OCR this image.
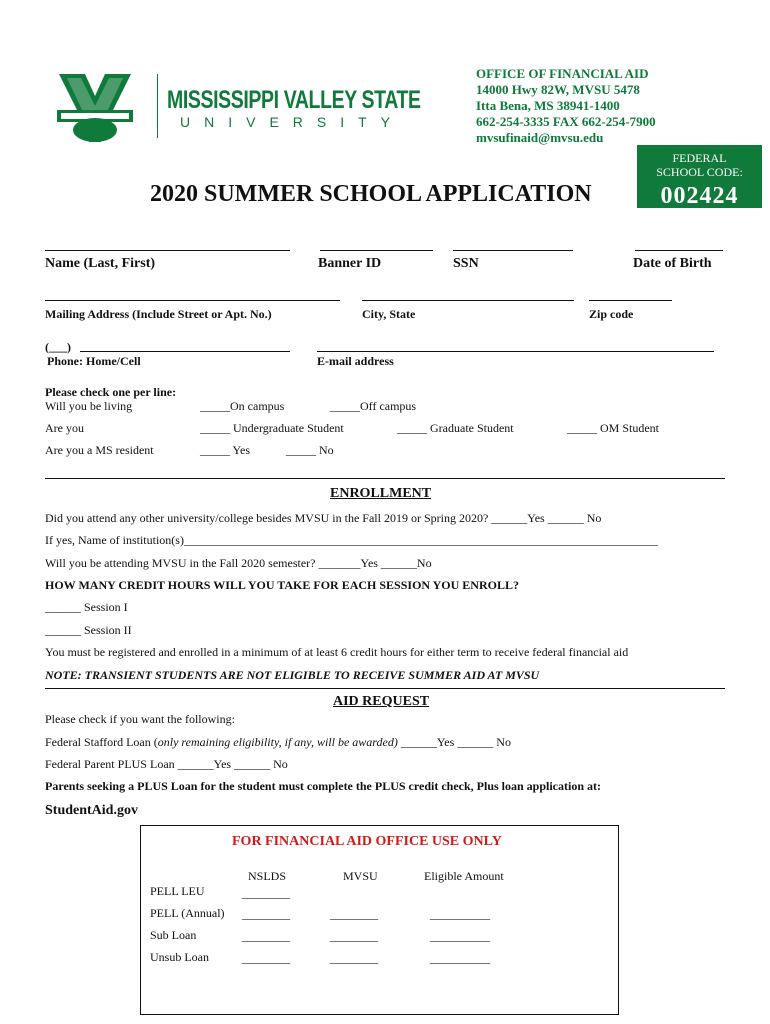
MISSISSIPPI VALLEY STATE
UNIVERSITY
OFFICE OF FINANCIAL AID
14000 Hwy 82W, MVSU 5478
Itta Bena, MS 38941-1400
662-254-3335 FAX 662-254-7900
mvsufinaid@mvsu.edu
FEDERAL
SCHOOL CODE:
002424
2020 SUMMER SCHOOL APPLICATION
Name (Last, First)	Banner ID	SSN	Date of Birth
Mailing Address (Include Street or Apt. No.)	City, State	Zip code
(___)
Phone: Home/Cell	E-mail address
Please check one per line:
Will you be living	_____On campus	_____Off campus
Are you	_____ Undergraduate Student	_____ Graduate Student	_____ OM Student
Are you a MS resident	_____ Yes	_____ No
ENROLLMENT
Did you attend any other university/college besides MVSU in the Fall 2019 or Spring 2020? ______Yes ______ No
If yes, Name of institution(s)_______________________________________________________________________________
Will you be attending MVSU in the Fall 2020 semester? _______Yes ______No
HOW MANY CREDIT HOURS WILL YOU TAKE FOR EACH SESSION YOU ENROLL?
______ Session I
______ Session II
You must be registered and enrolled in a minimum of at least 6 credit hours for either term to receive federal financial aid
NOTE: TRANSIENT STUDENTS ARE NOT ELIGIBLE TO RECEIVE SUMMER AID AT MVSU
AID REQUEST
Please check if you want the following:
Federal Stafford Loan (only remaining eligibility, if any, will be awarded) ______Yes ______ No
Federal Parent PLUS Loan ______Yes ______ No
Parents seeking a PLUS Loan for the student must complete the PLUS credit check, Plus loan application at:
StudentAid.gov
FOR FINANCIAL AID OFFICE USE ONLY
NSLDS	MVSU	Eligible Amount
PELL LEU	________
PELL (Annual) ________	________	__________
Sub Loan	________	________	__________
Unsub Loan	________	________	__________
